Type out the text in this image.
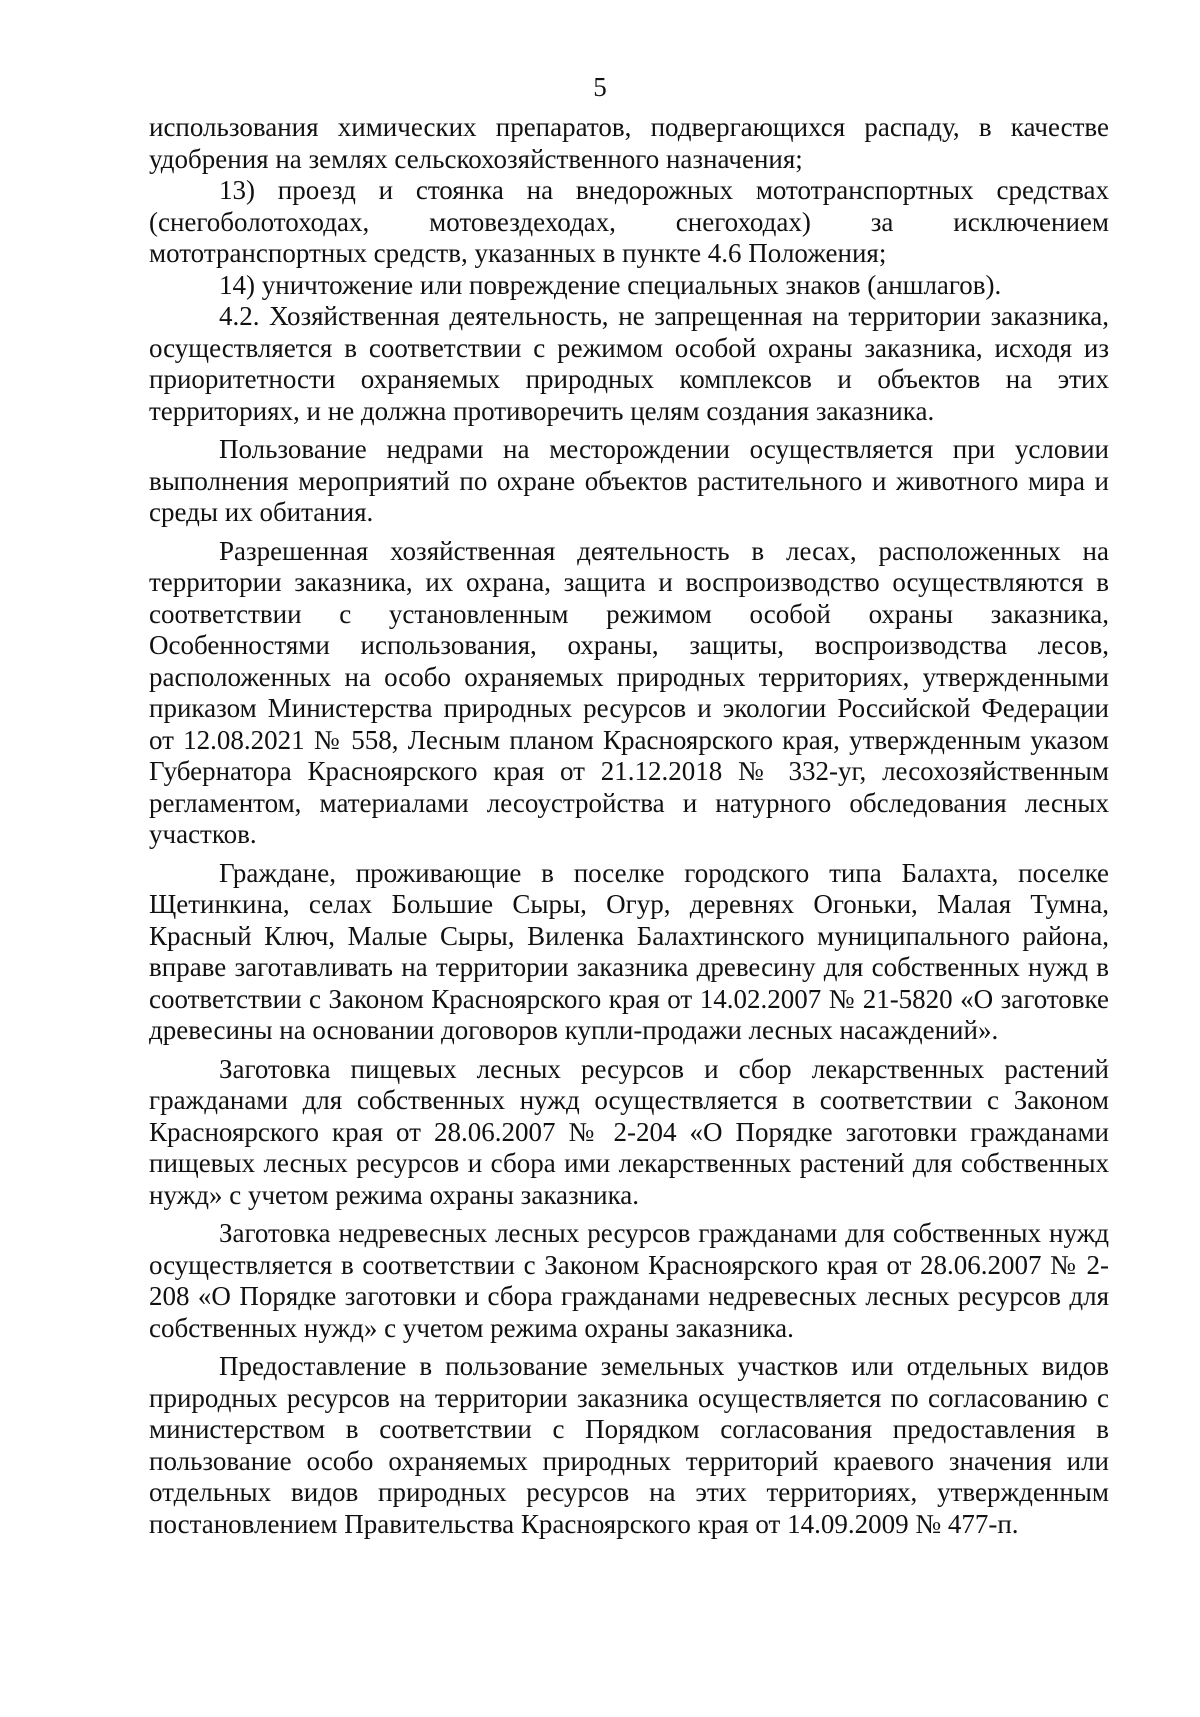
5

использования химических препаратов, подвергающихся распаду, в качестве удобрения на землях сельскохозяйственного назначения;

13) проезд и стоянка на внедорожных мототранспортных средствах (снегоболотоходах, мотовездеходах, снегоходах) за исключением мототранспортных средств, указанных в пункте 4.6 Положения;

14) уничтожение или повреждение специальных знаков (аншлагов).

4.2. Хозяйственная деятельность, не запрещенная на территории заказника, осуществляется в соответствии с режимом особой охраны заказника, исходя из приоритетности охраняемых природных комплексов и объектов на этих территориях, и не должна противоречить целям создания заказника.

Пользование недрами на месторождении осуществляется при условии выполнения мероприятий по охране объектов растительного и животного мира и среды их обитания.

Разрешенная хозяйственная деятельность в лесах, расположенных на территории заказника, их охрана, защита и воспроизводство осуществляются в соответствии с установленным режимом особой охраны заказника, Особенностями использования, охраны, защиты, воспроизводства лесов, расположенных на особо охраняемых природных территориях, утвержденными приказом Министерства природных ресурсов и экологии Российской Федерации от 12.08.2021 № 558, Лесным планом Красноярского края, утвержденным указом Губернатора Красноярского края от 21.12.2018 № 332-уг, лесохозяйственным регламентом, материалами лесоустройства и натурного обследования лесных участков.

Граждане, проживающие в поселке городского типа Балахта, поселке Щетинкина, селах Большие Сыры, Огур, деревнях Огоньки, Малая Тумна, Красный Ключ, Малые Сыры, Виленка Балахтинского муниципального района, вправе заготавливать на территории заказника древесину для собственных нужд в соответствии с Законом Красноярского края от 14.02.2007 № 21-5820 «О заготовке древесины на основании договоров купли-продажи лесных насаждений».

Заготовка пищевых лесных ресурсов и сбор лекарственных растений гражданами для собственных нужд осуществляется в соответствии с Законом Красноярского края от 28.06.2007 № 2-204 «О Порядке заготовки гражданами пищевых лесных ресурсов и сбора ими лекарственных растений для собственных нужд» с учетом режима охраны заказника.

Заготовка недревесных лесных ресурсов гражданами для собственных нужд осуществляется в соответствии с Законом Красноярского края от 28.06.2007 № 2-208 «О Порядке заготовки и сбора гражданами недревесных лесных ресурсов для собственных нужд» с учетом режима охраны заказника.

Предоставление в пользование земельных участков или отдельных видов природных ресурсов на территории заказника осуществляется по согласованию с министерством в соответствии с Порядком согласования предоставления в пользование особо охраняемых природных территорий краевого значения или отдельных видов природных ресурсов на этих территориях, утвержденным постановлением Правительства Красноярского края от 14.09.2009 № 477-п.
